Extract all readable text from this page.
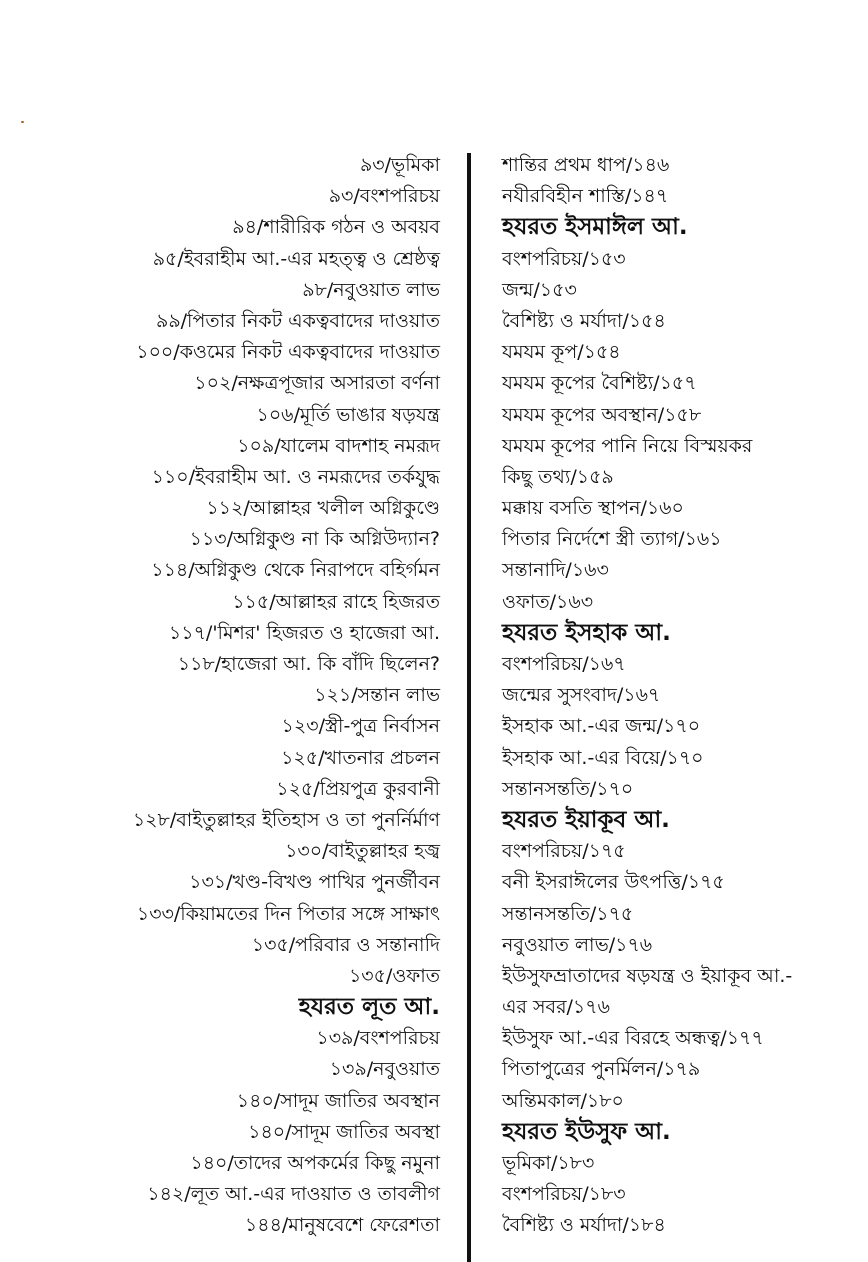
৯৩/ভূমিকা
৯৩/বংশপরিচয়
৯৪/শারীরিক গঠন ও অবয়ব
৯৫/ইবরাহীম আ.-এর মহত্ত্ব ও শ্রেষ্ঠত্ব
৯৮/নবুওয়াত লাভ
৯৯/পিতার নিকট একত্ববাদের দাওয়াত
১০০/কওমের নিকট একত্ববাদের দাওয়াত
১০২/নক্ষত্রপূজার অসারতা বর্ণনা
১০৬/মূর্তি ভাঙার ষড়যন্ত্র
১০৯/যালেম বাদশাহ নমরূদ
১১০/ইবরাহীম আ. ও নমরূদের তর্কযুদ্ধ
১১২/আল্লাহর খলীল অগ্নিকুণ্ডে
১১৩/অগ্নিকুণ্ড না কি অগ্নিউদ্যান?
১১৪/অগ্নিকুণ্ড থেকে নিরাপদে বহির্গমন
১১৫/আল্লাহর রাহে হিজরত
১১৭/'মিশর' হিজরত ও হাজেরা আ.
১১৮/হাজেরা আ. কি বাঁদি ছিলেন?
১২১/সন্তান লাভ
১২৩/স্ত্রী-পুত্র নির্বাসন
১২৫/খাতনার প্রচলন
১২৫/প্রিয়পুত্র কুরবানী
১২৮/বাইতুল্লাহর ইতিহাস ও তা পুনর্নির্মাণ
১৩০/বাইতুল্লাহর হজ্ব
১৩১/খণ্ড-বিখণ্ড পাখির পুনর্জীবন
১৩৩/কিয়ামতের দিন পিতার সঙ্গে সাক্ষাৎ
১৩৫/পরিবার ও সন্তানাদি
১৩৫/ওফাত
হযরত লূত আ.
১৩৯/বংশপরিচয়
১৩৯/নবুওয়াত
১৪০/সাদূম জাতির অবস্থান
১৪০/সাদূম জাতির অবস্থা
১৪০/তাদের অপকর্মের কিছু নমুনা
১৪২/লূত আ.-এর দাওয়াত ও তাবলীগ
১৪৪/মানুষবেশে ফেরেশতা
শান্তির প্রথম ধাপ/১৪৬
নযীরবিহীন শাস্তি/১৪৭
হযরত ইসমাঈল আ.
বংশপরিচয়/১৫৩
জন্ম/১৫৩
বৈশিষ্ট্য ও মর্যাদা/১৫৪
যমযম কূপ/১৫৪
যমযম কূপের বৈশিষ্ট্য/১৫৭
যমযম কূপের অবস্থান/১৫৮
যমযম কূপের পানি নিয়ে বিস্ময়কর
কিছু তথ্য/১৫৯
মক্কায় বসতি স্থাপন/১৬০
পিতার নির্দেশে স্ত্রী ত্যাগ/১৬১
সন্তানাদি/১৬৩
ওফাত/১৬৩
হযরত ইসহাক আ.
বংশপরিচয়/১৬৭
জন্মের সুসংবাদ/১৬৭
ইসহাক আ.-এর জন্ম/১৭০
ইসহাক আ.-এর বিয়ে/১৭০
সন্তানসন্ততি/১৭০
হযরত ইয়াকূব আ.
বংশপরিচয়/১৭৫
বনী ইসরাঈলের উৎপত্তি/১৭৫
সন্তানসন্ততি/১৭৫
নবুওয়াত লাভ/১৭৬
ইউসুফভ্রাতাদের ষড়যন্ত্র ও ইয়াকূব আ.-
এর সবর/১৭৬
ইউসুফ আ.-এর বিরহে অন্ধত্ব/১৭৭
পিতাপুত্রের পুনর্মিলন/১৭৯
অন্তিমকাল/১৮০
হযরত ইউসুফ আ.
ভূমিকা/১৮৩
বংশপরিচয়/১৮৩
বৈশিষ্ট্য ও মর্যাদা/১৮৪
